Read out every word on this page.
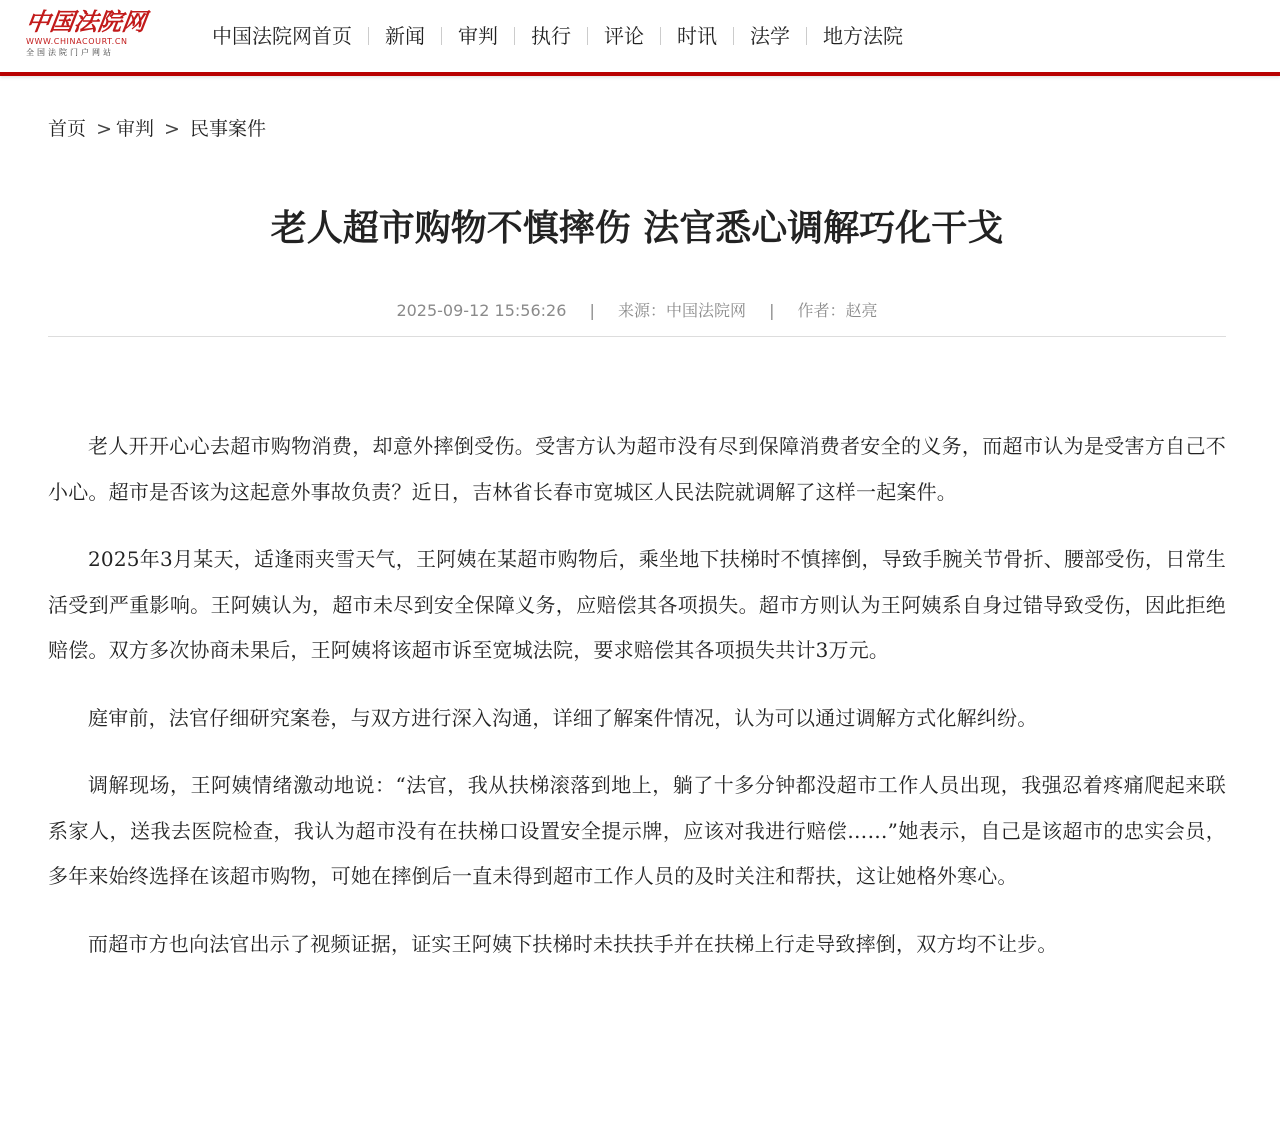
中国法院网
WWW.CHINACOURT.CN
全国法院门户网站
中国法院网首页	新闻	审判	执行	评论	时讯	法学	地方法院
首页 > 审判 > 民事案件
老人超市购物不慎摔伤 法官悉心调解巧化干戈
2025-09-12 15:56:26 | 来源：中国法院网 | 作者：赵亮

老人开开心心去超市购物消费，却意外摔倒受伤。受害方认为超市没有尽到保障消费者安全的义务，而超市认为是受害方自己不小心。超市是否该为这起意外事故负责？近日，吉林省长春市宽城区人民法院就调解了这样一起案件。

2025年3月某天，适逢雨夹雪天气，王阿姨在某超市购物后，乘坐地下扶梯时不慎摔倒，导致手腕关节骨折、腰部受伤，日常生活受到严重影响。王阿姨认为，超市未尽到安全保障义务，应赔偿其各项损失。超市方则认为王阿姨系自身过错导致受伤，因此拒绝赔偿。双方多次协商未果后，王阿姨将该超市诉至宽城法院，要求赔偿其各项损失共计3万元。

庭审前，法官仔细研究案卷，与双方进行深入沟通，详细了解案件情况，认为可以通过调解方式化解纠纷。

调解现场，王阿姨情绪激动地说：“法官，我从扶梯滚落到地上，躺了十多分钟都没超市工作人员出现，我强忍着疼痛爬起来联系家人，送我去医院检查，我认为超市没有在扶梯口设置安全提示牌，应该对我进行赔偿……”她表示，自己是该超市的忠实会员，多年来始终选择在该超市购物，可她在摔倒后一直未得到超市工作人员的及时关注和帮扶，这让她格外寒心。

而超市方也向法官出示了视频证据，证实王阿姨下扶梯时未扶扶手并在扶梯上行走导致摔倒，双方均不让步。
